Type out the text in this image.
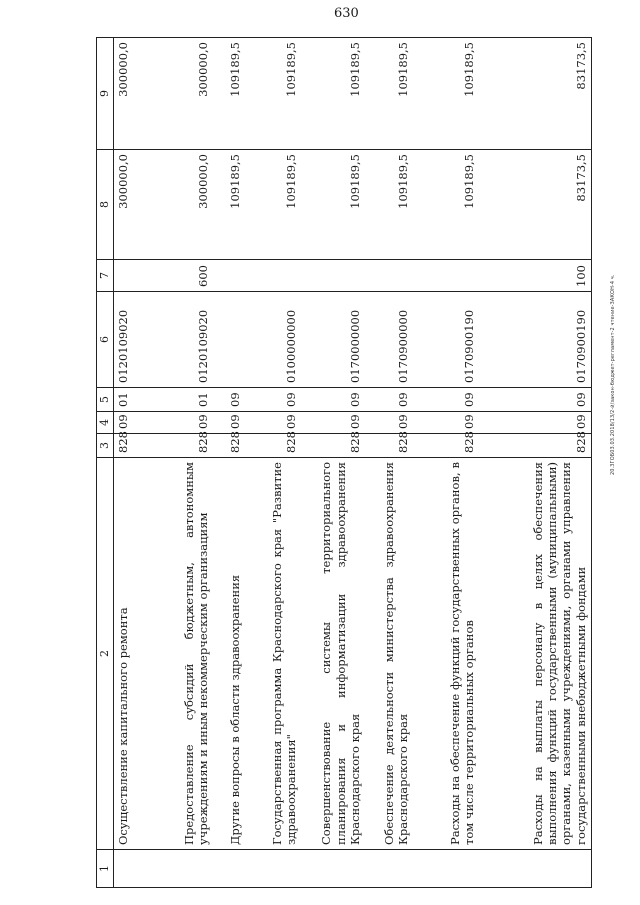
630
20.ЗГОБ03.03.2018/13/2-й/закон-бюджет-регламент-2 чтение-ЗАКОН-4 ч.
1	2	3	4	5	6	7	8	9
	Осуществление капитального ремонта	828	09	01	0120109020		300000,0	300000,0
	Предоставление субсидий бюджетным, автономным учреждениям и иным некоммерческим организациям	828	09	01	0120109020	600	300000,0	300000,0
	Другие вопросы в области здравоохранения	828	09	09			109189,5	109189,5
	Государственная программа Краснодарского края "Развитие здравоохранения"	828	09	09	0100000000		109189,5	109189,5
	Совершенствование системы территориального планирования и информатизации здравоохранения Краснодарского края	828	09	09	0170000000		109189,5	109189,5
	Обеспечение деятельности министерства здравоохранения Краснодарского края	828	09	09	0170900000		109189,5	109189,5
	Расходы на обеспечение функций государственных органов, в том числе территориальных органов	828	09	09	0170900190		109189,5	109189,5
	Расходы на выплаты персоналу в целях обеспечения выполнения функций государственными (муниципальными) органами, казенными учреждениями, органами управления государственными внебюджетными фондами	828	09	09	0170900190	100	83173,5	83173,5
